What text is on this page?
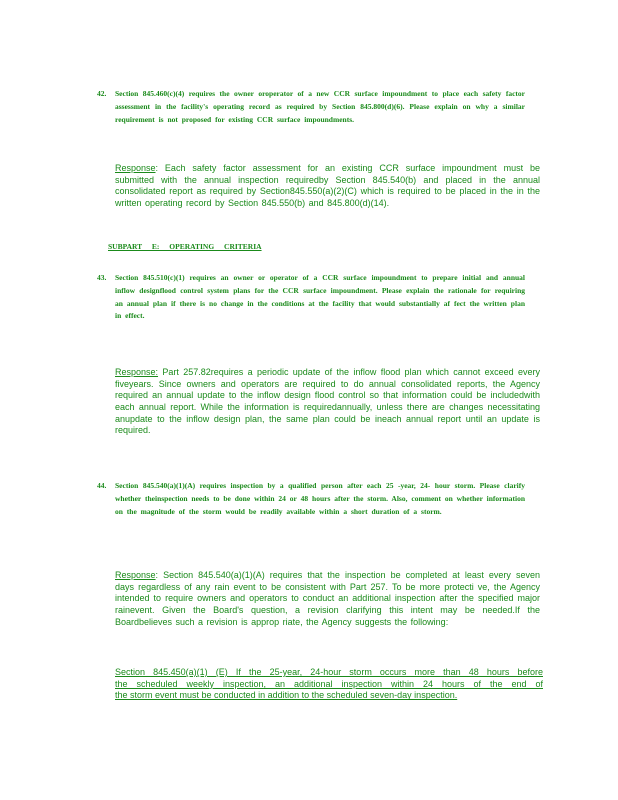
42. Section 845.460(c)(4) requires the owner oroperator of a new CCR surface impoundment to place each safety factor assessment in the facility's operating record as required by Section 845.800(d)(6). Please explain on why a similar requirement is not proposed for existing CCR surface impoundments.
Response: Each safety factor assessment for an existing CCR surface impoundment must be submitted with the annual inspection requiredby Section 845.540(b) and placed in the annual consolidated report as required by Section845.550(a)(2)(C) which is required to be placed in the in the written operating record by Section 845.550(b) and 845.800(d)(14).
SUBPART E: OPERATING CRITERIA
43. Section 845.510(c)(1) requires an owner or operator of a CCR surface impoundment to prepare initial and annual inflow designflood control system plans for the CCR surface impoundment. Please explain the rationale for requiring an annual plan if there is no change in the conditions at the facility that would substantially af fect the written plan in effect.
Response: Part 257.82requires a periodic update of the inflow flood plan which cannot exceed every fiveyears. Since owners and operators are required to do annual consolidated reports, the Agency required an annual update to the inflow design flood control so that information could be includedwith each annual report. While the information is requiredannually, unless there are changes necessitating anupdate to the inflow design plan, the same plan could be ineach annual report until an update is required.
44. Section 845.540(a)(1)(A) requires inspection by a qualified person after each 25 -year, 24- hour storm. Please clarify whether theinspection needs to be done within 24 or 48 hours after the storm. Also, comment on whether information on the magnitude of the storm would be readily available within a short duration of a storm.
Response: Section 845.540(a)(1)(A) requires that the inspection be completed at least every seven days regardless of any rain event to be consistent with Part 257. To be more protecti ve, the Agency intended to require owners and operators to conduct an additional inspection after the specified major rainevent. Given the Board's question, a revision clarifying this intent may be needed.If the Boardbelieves such a revision is approp riate, the Agency suggests the following:
Section 845.450(a)(1) (E) If the 25-year, 24-hour storm occurs more than 48 hours before
the scheduled weekly inspection, an additional inspection within 24 hours of the end of
the storm event must be conducted in addition to the scheduled seven-day inspection.
